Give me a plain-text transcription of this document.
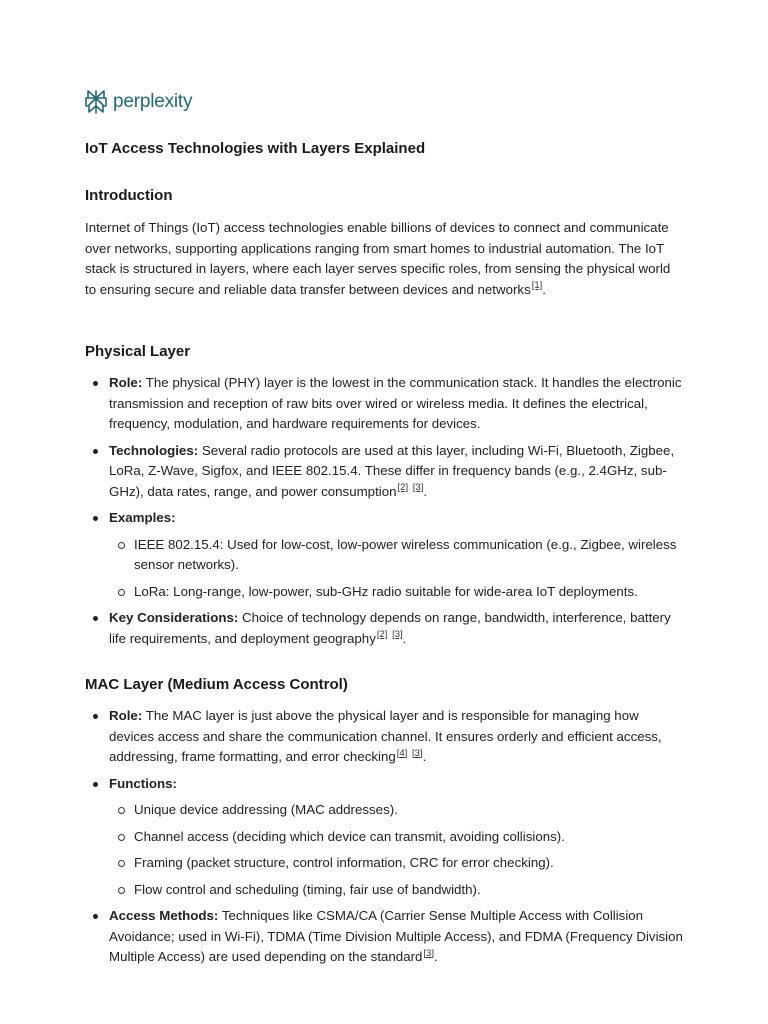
perplexity
IoT Access Technologies with Layers Explained
Introduction

Internet of Things (IoT) access technologies enable billions of devices to connect and communicate over networks, supporting applications ranging from smart homes to industrial automation. The IoT stack is structured in layers, where each layer serves specific roles, from sensing the physical world to ensuring secure and reliable data transfer between devices and networks[1].

Physical Layer
Role: The physical (PHY) layer is the lowest in the communication stack. It handles the electronic transmission and reception of raw bits over wired or wireless media. It defines the electrical, frequency, modulation, and hardware requirements for devices.
Technologies: Several radio protocols are used at this layer, including Wi-Fi, Bluetooth, Zigbee, LoRa, Z-Wave, Sigfox, and IEEE 802.15.4. These differ in frequency bands (e.g., 2.4GHz, sub-GHz), data rates, range, and power consumption[2] [3].
Examples:
IEEE 802.15.4: Used for low-cost, low-power wireless communication (e.g., Zigbee, wireless sensor networks).
LoRa: Long-range, low-power, sub-GHz radio suitable for wide-area IoT deployments.
Key Considerations: Choice of technology depends on range, bandwidth, interference, battery life requirements, and deployment geography[2] [3].
MAC Layer (Medium Access Control)
Role: The MAC layer is just above the physical layer and is responsible for managing how devices access and share the communication channel. It ensures orderly and efficient access, addressing, frame formatting, and error checking[4] [3].
Functions:
Unique device addressing (MAC addresses).
Channel access (deciding which device can transmit, avoiding collisions).
Framing (packet structure, control information, CRC for error checking).
Flow control and scheduling (timing, fair use of bandwidth).
Access Methods: Techniques like CSMA/CA (Carrier Sense Multiple Access with Collision Avoidance; used in Wi-Fi), TDMA (Time Division Multiple Access), and FDMA (Frequency Division Multiple Access) are used depending on the standard[3].
